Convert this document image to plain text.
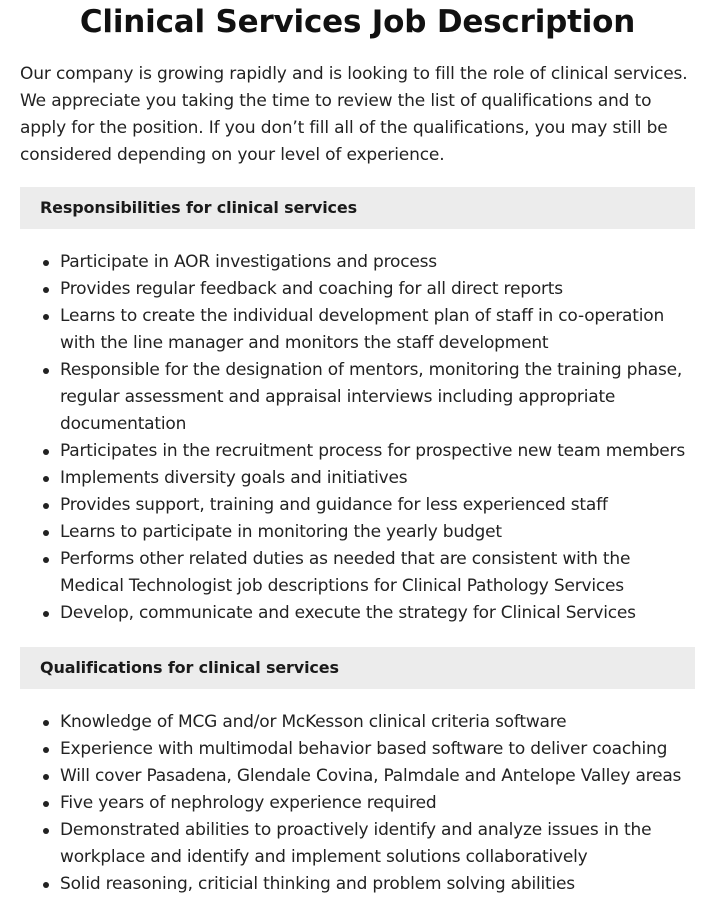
Clinical Services Job Description

Our company is growing rapidly and is looking to fill the role of clinical services. We appreciate you taking the time to review the list of qualifications and to apply for the position. If you don’t fill all of the qualifications, you may still be considered depending on your level of experience.

Responsibilities for clinical services
Participate in AOR investigations and process
Provides regular feedback and coaching for all direct reports
Learns to create the individual development plan of staff in co-operation with the line manager and monitors the staff development
Responsible for the designation of mentors, monitoring the training phase, regular assessment and appraisal interviews including appropriate documentation
Participates in the recruitment process for prospective new team members
Implements diversity goals and initiatives
Provides support, training and guidance for less experienced staff
Learns to participate in monitoring the yearly budget
Performs other related duties as needed that are consistent with the Medical Technologist job descriptions for Clinical Pathology Services
Develop, communicate and execute the strategy for Clinical Services
Qualifications for clinical services
Knowledge of MCG and/or McKesson clinical criteria software
Experience with multimodal behavior based software to deliver coaching
Will cover Pasadena, Glendale Covina, Palmdale and Antelope Valley areas
Five years of nephrology experience required
Demonstrated abilities to proactively identify and analyze issues in the workplace and identify and implement solutions collaboratively
Solid reasoning, criticial thinking and problem solving abilities
